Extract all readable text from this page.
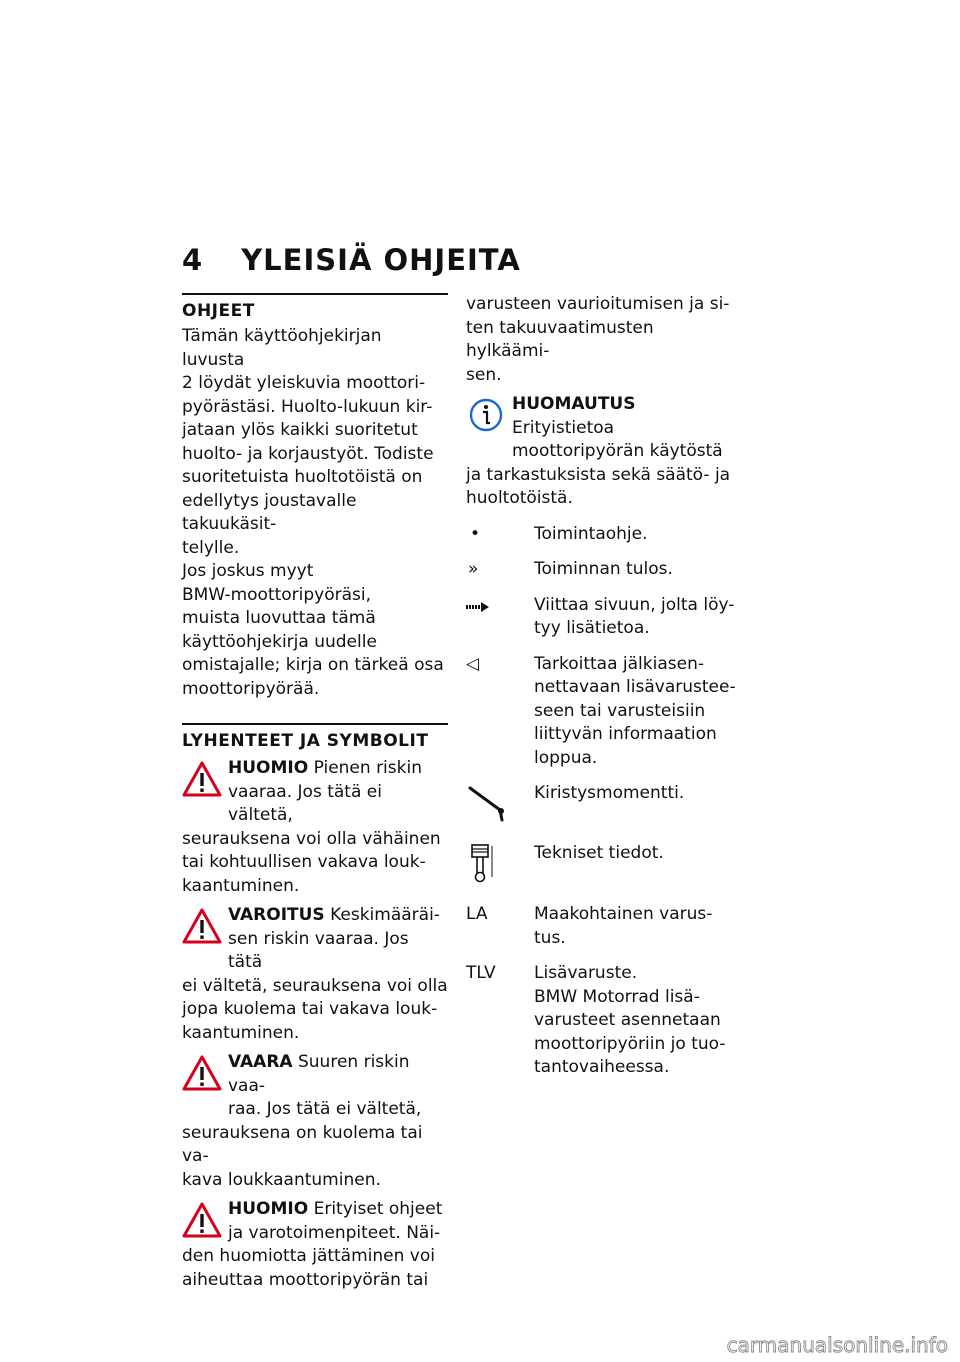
4 YLEISIÄ OHJEITA
OHJEET

Tämän käyttöohjekirjan luvusta
2 löydät yleiskuvia moottori-
pyörästäsi. Huolto-lukuun kir-
jataan ylös kaikki suoritetut
huolto- ja korjaustyöt. Todiste
suoritetuista huoltotöistä on
edellytys joustavalle takuukäsit-
telylle.

Jos joskus myyt
BMW-moottoripyöräsi,
muista luovuttaa tämä
käyttöohjekirja uudelle
omistajalle; kirja on tärkeä osa
moottoripyörää.

LYHENTEET JA SYMBOLIT

HUOMIO Pienen riskin

vaaraa. Jos tätä ei vältetä,

seurauksena voi olla vähäinen
tai kohtuullisen vakava louk-
kaantuminen.

VAROITUS Keskimääräi-

sen riskin vaaraa. Jos tätä

ei vältetä, seurauksena voi olla
jopa kuolema tai vakava louk-
kaantuminen.

VAARA Suuren riskin vaa-

raa. Jos tätä ei vältetä,

seurauksena on kuolema tai va-
kava loukkaantuminen.

HUOMIO Erityiset ohjeet

ja varotoimenpiteet. Näi-

den huomiotta jättäminen voi
aiheuttaa moottoripyörän tai

varusteen vaurioitumisen ja si-
ten takuuvaatimusten hylkäämi-
sen.

HUOMAUTUS Erityistietoa

moottoripyörän käytöstä

ja tarkastuksista sekä säätö- ja
huoltotöistä.

•	Toimintaohje.

»	Toiminnan tulos.

Viittaa sivuun, jolta löy-
tyy lisätietoa.

◁	Tarkoittaa jälkiasen-
nettavaan lisävarustee-
seen tai varusteisiin
liittyvän informaation
loppua.

Kiristysmomentti.

Tekniset tiedot.

LA	Maakohtainen varus-
tus.

TLV	Lisävaruste.
BMW Motorrad lisä-
varusteet asennetaan
moottoripyöriin jo tuo-
tantovaiheessa.

carmanualsonline.info
